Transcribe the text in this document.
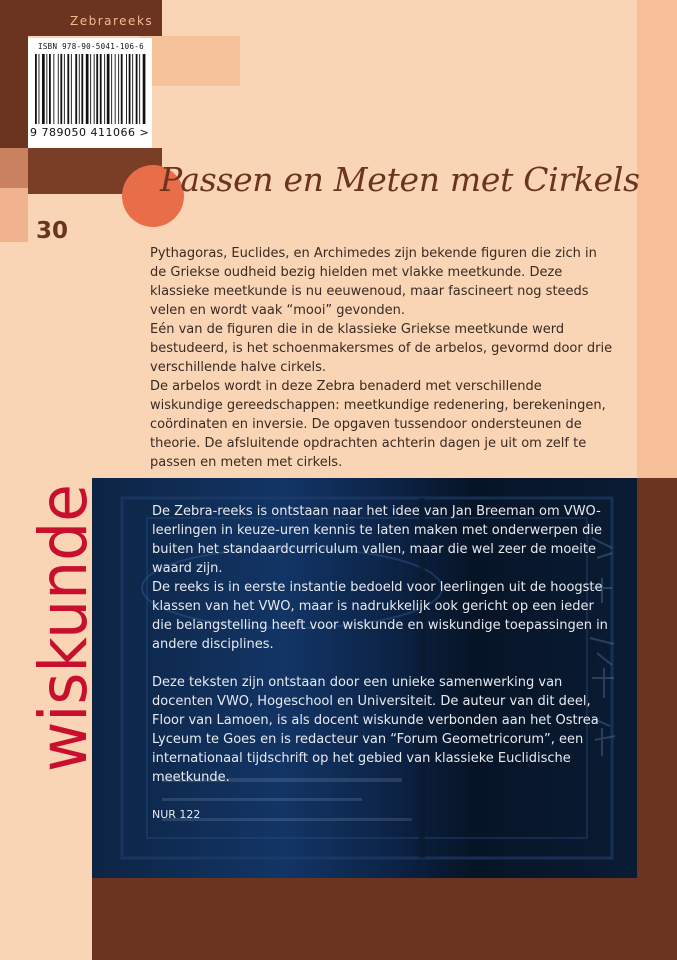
Zebrareeks
ISBN 978-90-5041-106-6
9 789050 411066 >
Passen en Meten met Cirkels
30

Pythagoras, Euclides, en Archimedes zijn bekende figuren die zich in de Griekse oudheid bezig hielden met vlakke meetkunde. Deze klassieke meetkunde is nu eeuwenoud, maar fascineert nog steeds velen en wordt vaak “mooi” gevonden.

Eén van de figuren die in de klassieke Griekse meetkunde werd bestudeerd, is het schoenmakersmes of de arbelos, gevormd door drie verschillende halve cirkels.

De arbelos wordt in deze Zebra benaderd met verschillende wiskundige gereedschappen: meetkundige redenering, berekeningen, coördinaten en inversie. De opgaven tussendoor ondersteunen de theorie. De afsluitende opdrachten achterin dagen je uit om zelf te passen en meten met cirkels.

wiskunde	De Zebra-reeks is ontstaan naar het idee van Jan Breeman om VWO-leerlingen in keuze-uren kennis te laten maken met onderwerpen die buiten het standaardcurriculum vallen, maar die wel zeer de moeite waard zijn.

De reeks is in eerste instantie bedoeld voor leerlingen uit de hoogste klassen van het VWO, maar is nadrukkelijk ook gericht op een ieder die belangstelling heeft voor wiskunde en wiskundige toepassingen in andere disciplines.

Deze teksten zijn ontstaan door een unieke samenwerking van docenten VWO, Hogeschool en Universiteit. De auteur van dit deel, Floor van Lamoen, is als docent wiskunde verbonden aan het Ostrea Lyceum te Goes en is redacteur van “Forum Geometricorum”, een internationaal tijdschrift op het gebied van klassieke Euclidische meetkunde.

NUR 122
